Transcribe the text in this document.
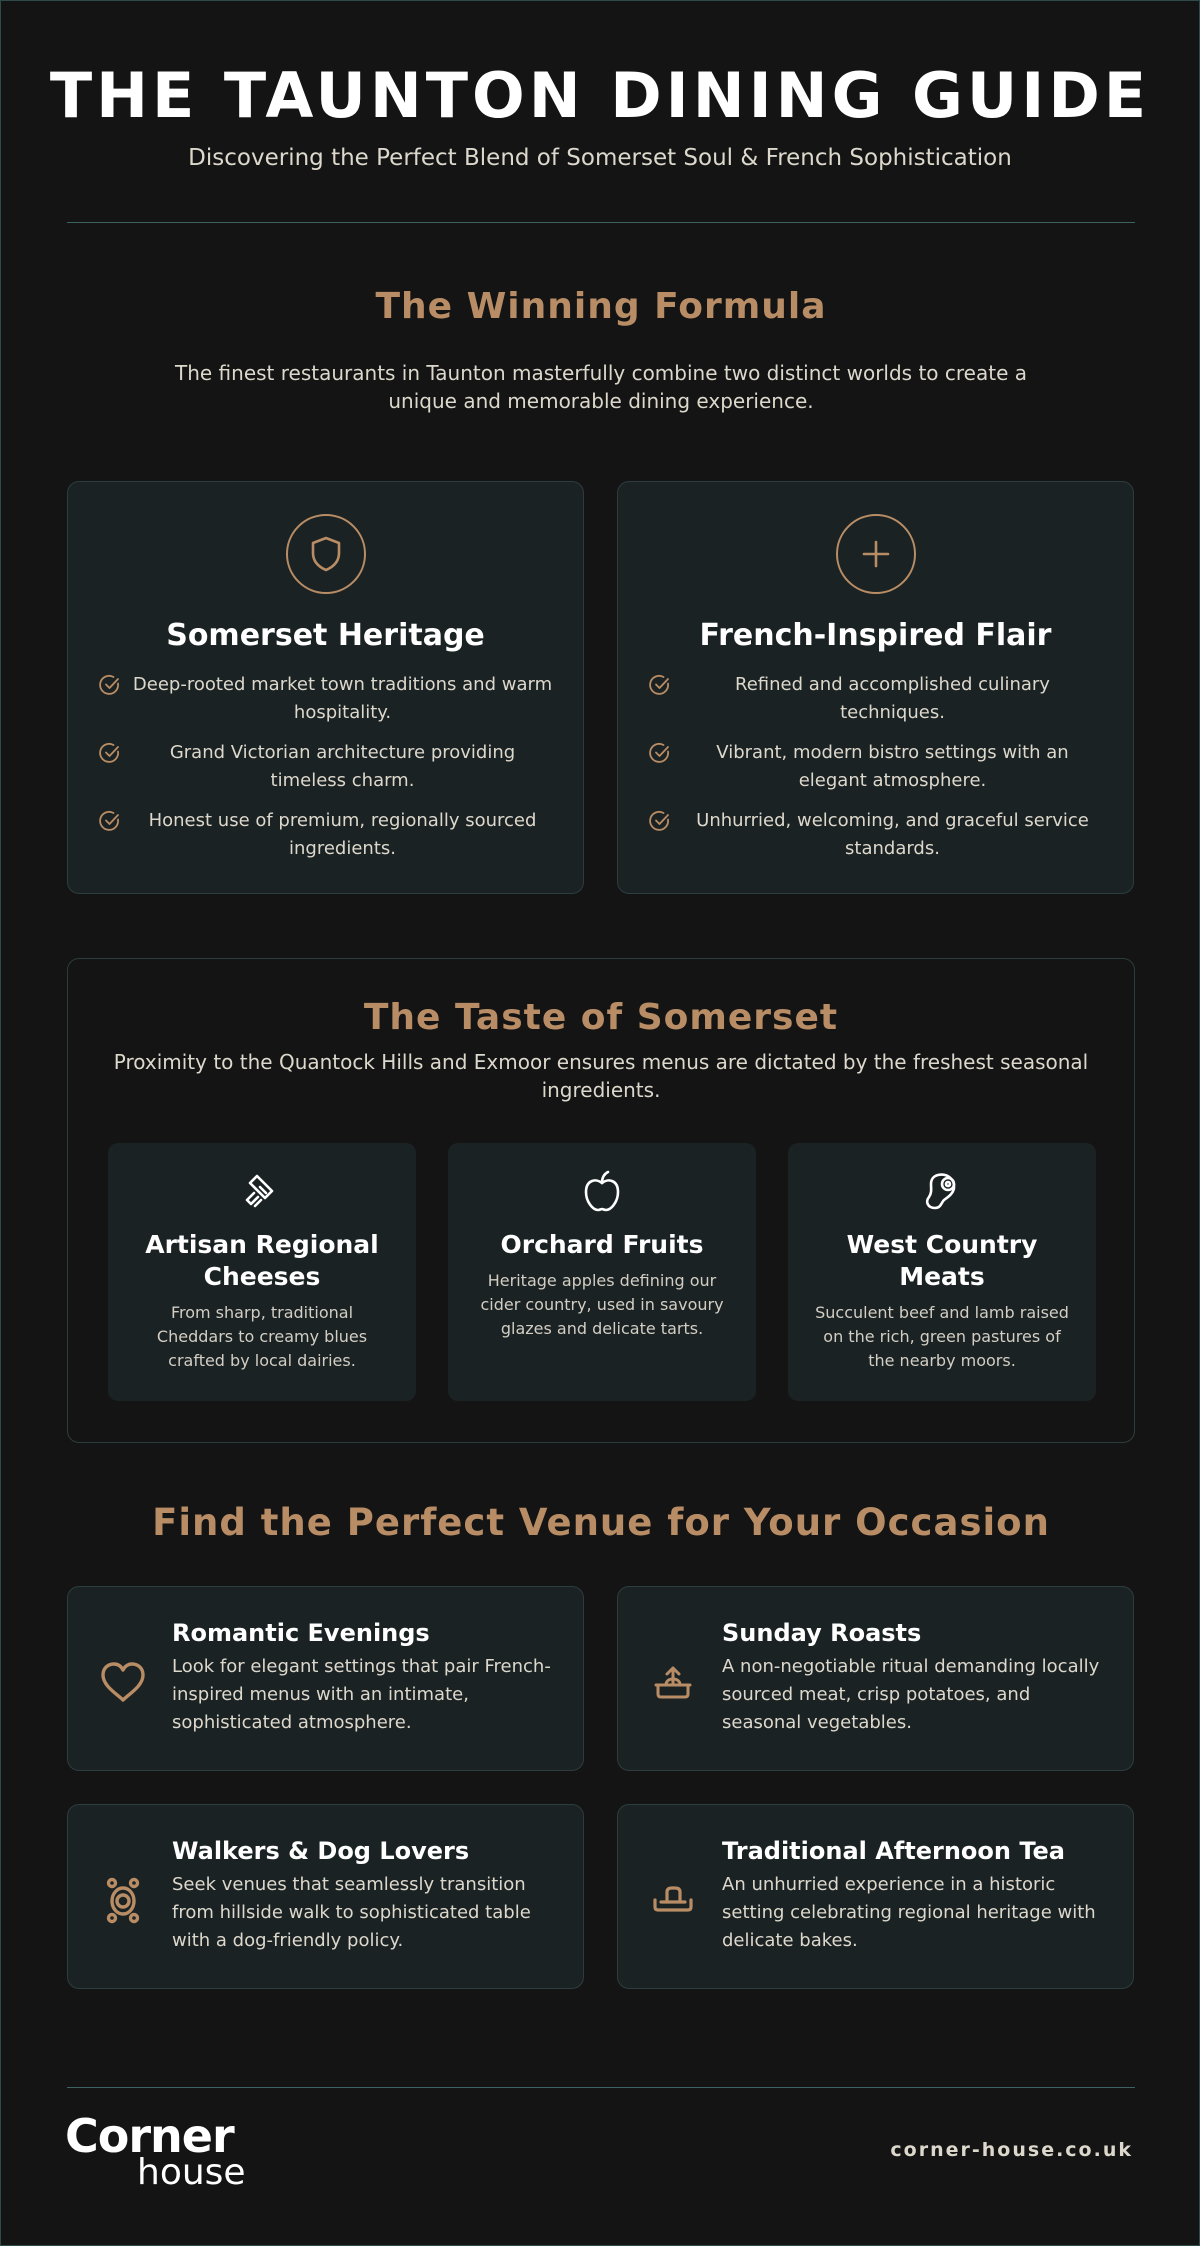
THE TAUNTON DINING GUIDE
Discovering the Perfect Blend of Somerset Soul & French Sophistication
The Winning Formula

The finest restaurants in Taunton masterfully combine two distinct worlds to create a unique and memorable dining experience.

Somerset Heritage
Deep-rooted market town traditions and warm hospitality.
Grand Victorian architecture providing timeless charm.
Honest use of premium, regionally sourced ingredients.
French-Inspired Flair
Refined and accomplished culinary techniques.
Vibrant, modern bistro settings with an elegant atmosphere.
Unhurried, welcoming, and graceful service standards.
The Taste of Somerset

Proximity to the Quantock Hills and Exmoor ensures menus are dictated by the freshest seasonal ingredients.

Artisan Regional Cheeses

From sharp, traditional Cheddars to creamy blues crafted by local dairies.

Orchard Fruits

Heritage apples defining our cider country, used in savoury glazes and delicate tarts.

West Country Meats

Succulent beef and lamb raised on the rich, green pastures of the nearby moors.

Find the Perfect Venue for Your Occasion
Romantic Evenings

Look for elegant settings that pair French-inspired menus with an intimate, sophisticated atmosphere.

Sunday Roasts

A non-negotiable ritual demanding locally sourced meat, crisp potatoes, and seasonal vegetables.

Walkers & Dog Lovers

Seek venues that seamlessly transition from hillside walk to sophisticated table with a dog-friendly policy.

Traditional Afternoon Tea

An unhurried experience in a historic setting celebrating regional heritage with delicate bakes.

Corner
house
corner-house.co.uk
